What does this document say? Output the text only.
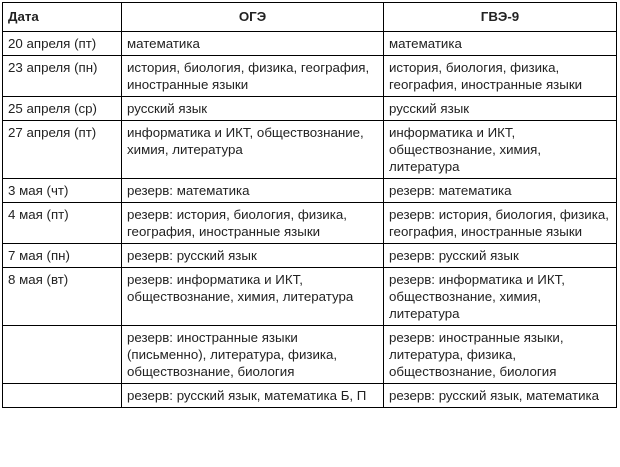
Дата	ОГЭ	ГВЭ-9
20 апреля (пт)	математика	математика
23 апреля (пн)	история, биология, физика, география, иностранные языки	история, биология, физика, география, иностранные языки
25 апреля (ср)	русский язык	русский язык
27 апреля (пт)	информатика и ИКТ, обществознание, химия, литература	информатика и ИКТ, обществознание, химия, литература
3 мая (чт)	резерв: математика	резерв: математика
4 мая (пт)	резерв: история, биология, физика, география, иностранные языки	резерв: история, биология, физика, география, иностранные языки
7 мая (пн)	резерв: русский язык	резерв: русский язык
8 мая (вт)	резерв: информатика и ИКТ, обществознание, химия, литература	резерв: информатика и ИКТ, обществознание, химия, литература
	резерв: иностранные языки (письменно), литература, физика, обществознание, биология	резерв: иностранные языки, литература, физика, обществознание, биология
	резерв: русский язык, математика Б, П	резерв: русский язык, математика
